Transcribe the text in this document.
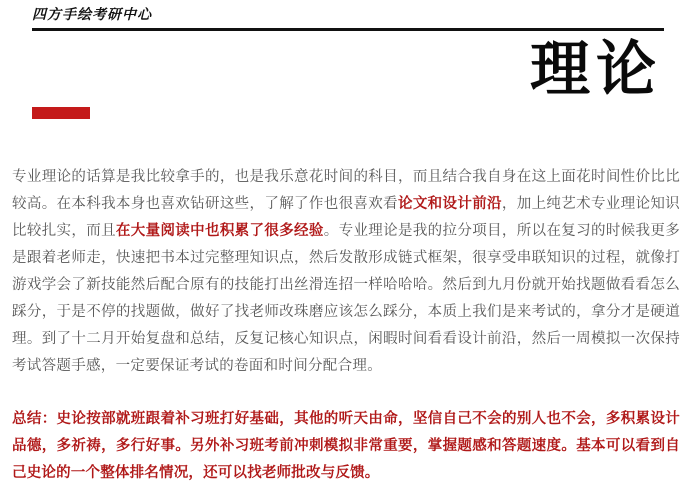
四方手绘考研中心
理论

专业理论的话算是我比较拿手的，也是我乐意花时间的科目，而且结合我自身在这上面花时间性价比比较高。在本科我本身也喜欢钻研这些，了解了作也很喜欢看论文和设计前沿，加上纯艺术专业理论知识比较扎实，而且在大量阅读中也积累了很多经验。专业理论是我的拉分项目，所以在复习的时候我更多是跟着老师走，快速把书本过完整理知识点，然后发散形成链式框架，很享受串联知识的过程，就像打游戏学会了新技能然后配合原有的技能打出丝滑连招一样哈哈哈。然后到九月份就开始找题做看看怎么踩分，于是不停的找题做，做好了找老师改珠磨应该怎么踩分，本质上我们是来考试的，拿分才是硬道理。到了十二月开始复盘和总结，反复记核心知识点，闲暇时间看看设计前沿，然后一周模拟一次保持考试答题手感，一定要保证考试的卷面和时间分配合理。

总结：史论按部就班跟着补习班打好基础，其他的听天由命，坚信自己不会的别人也不会，多积累设计品德，多祈祷，多行好事。另外补习班考前冲刺模拟非常重要，掌握题感和答题速度。基本可以看到自己史论的一个整体排名情况，还可以找老师批改与反馈。
